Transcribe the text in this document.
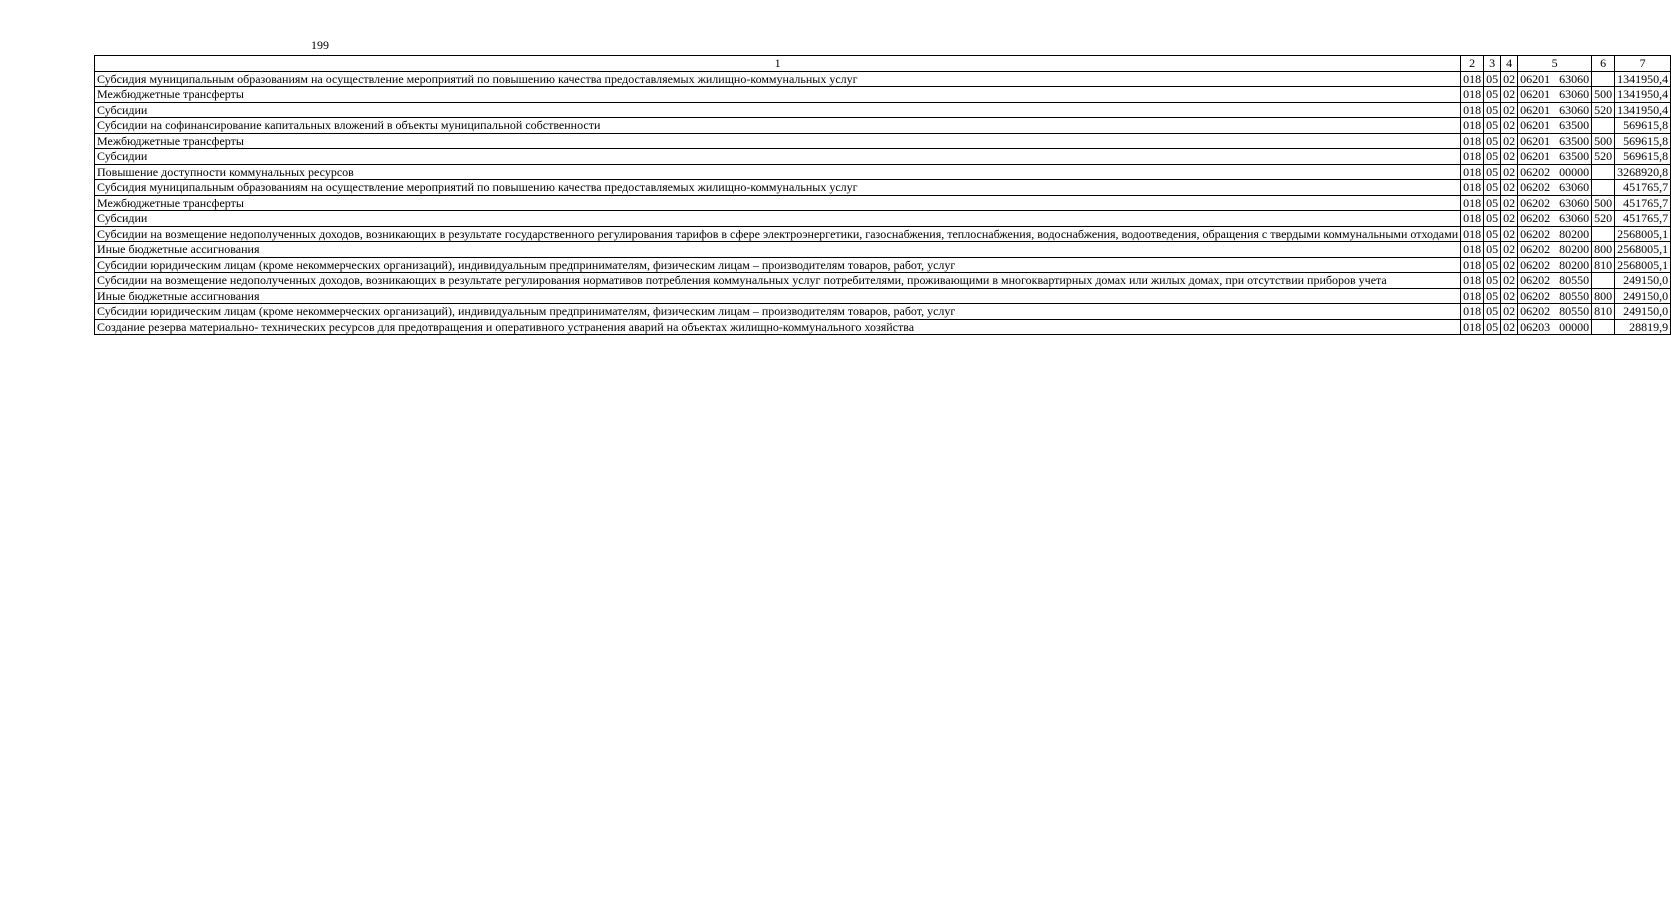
199
1	2	3	4	5	6	7
Субсидия муниципальным образованиям на осуществление мероприятий по повышению качества предоставляемых жилищно-коммунальных услуг	018	05	02	06201 63060		1341950,4
Межбюджетные трансферты	018	05	02	06201 63060	500	1341950,4
Субсидии	018	05	02	06201 63060	520	1341950,4
Субсидии на софинансирование капитальных вложений в объекты муниципальной собственности	018	05	02	06201 63500		569615,8
Межбюджетные трансферты	018	05	02	06201 63500	500	569615,8
Субсидии	018	05	02	06201 63500	520	569615,8
Повышение доступности коммунальных ресурсов	018	05	02	06202 00000		3268920,8
Субсидия муниципальным образованиям на осуществление мероприятий по повышению качества предоставляемых жилищно-коммунальных услуг	018	05	02	06202 63060		451765,7
Межбюджетные трансферты	018	05	02	06202 63060	500	451765,7
Субсидии	018	05	02	06202 63060	520	451765,7
Субсидии на возмещение недополученных доходов, возникающих в результате государственного регулирования тарифов в сфере электроэнергетики, газоснабжения, теплоснабжения, водоснабжения, водоотведения, обращения с твердыми коммунальными отходами	018	05	02	06202 80200		2568005,1
Иные бюджетные ассигнования	018	05	02	06202 80200	800	2568005,1
Субсидии юридическим лицам (кроме некоммерческих организаций), индивидуальным предпринимателям, физическим лицам – производителям товаров, работ, услуг	018	05	02	06202 80200	810	2568005,1
Субсидии на возмещение недополученных доходов, возникающих в результате регулирования нормативов потребления коммунальных услуг потребителями, проживающими в многоквартирных домах или жилых домах, при отсутствии приборов учета	018	05	02	06202 80550		249150,0
Иные бюджетные ассигнования	018	05	02	06202 80550	800	249150,0
Субсидии юридическим лицам (кроме некоммерческих организаций), индивидуальным предпринимателям, физическим лицам – производителям товаров, работ, услуг	018	05	02	06202 80550	810	249150,0
Создание резерва материально- технических ресурсов для предотвращения и оперативного устранения аварий на объектах жилищно-коммунального хозяйства	018	05	02	06203 00000		28819,9
